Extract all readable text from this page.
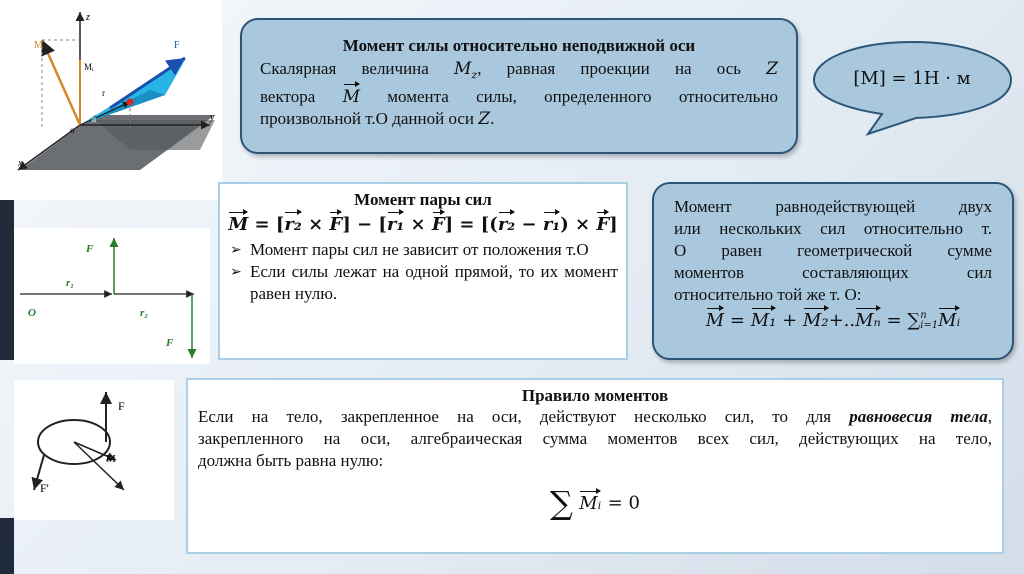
z
y
x
M
Mᵢ
F
r
o
α
F
r₁
O	r₂
F
F
M
F'
Момент силы относительно неподвижной оси
Скалярная величина $M_z$, равная проекции на ось Z
вектора M момента силы, определенного относительно
произвольной т.О данной оси Z.
[M] = 1Н · м
Момент пары сил
M = [r₂ × F] − [r₁ × F] = [(r₂ − r₁) × F]
➢ Момент пары сил не зависит от положения т.О
➢ Если силы лежат на одной прямой, то их момент равен нулю.
Момент равнодействующей двух
или нескольких сил относительно т.
О равен геометрической сумме
моментов составляющих сил
относительно той же т. О:
M = M₁ + M₂+..Mₙ = ∑ n
i=1 Mᵢ
Правило моментов
Если на тело, закрепленное на оси, действуют несколько сил, то для равновесия тела,
закрепленного на оси, алгебраическая сумма моментов всех сил, действующих на тело,
должна быть равна нулю:
∑ Mᵢ = 0
